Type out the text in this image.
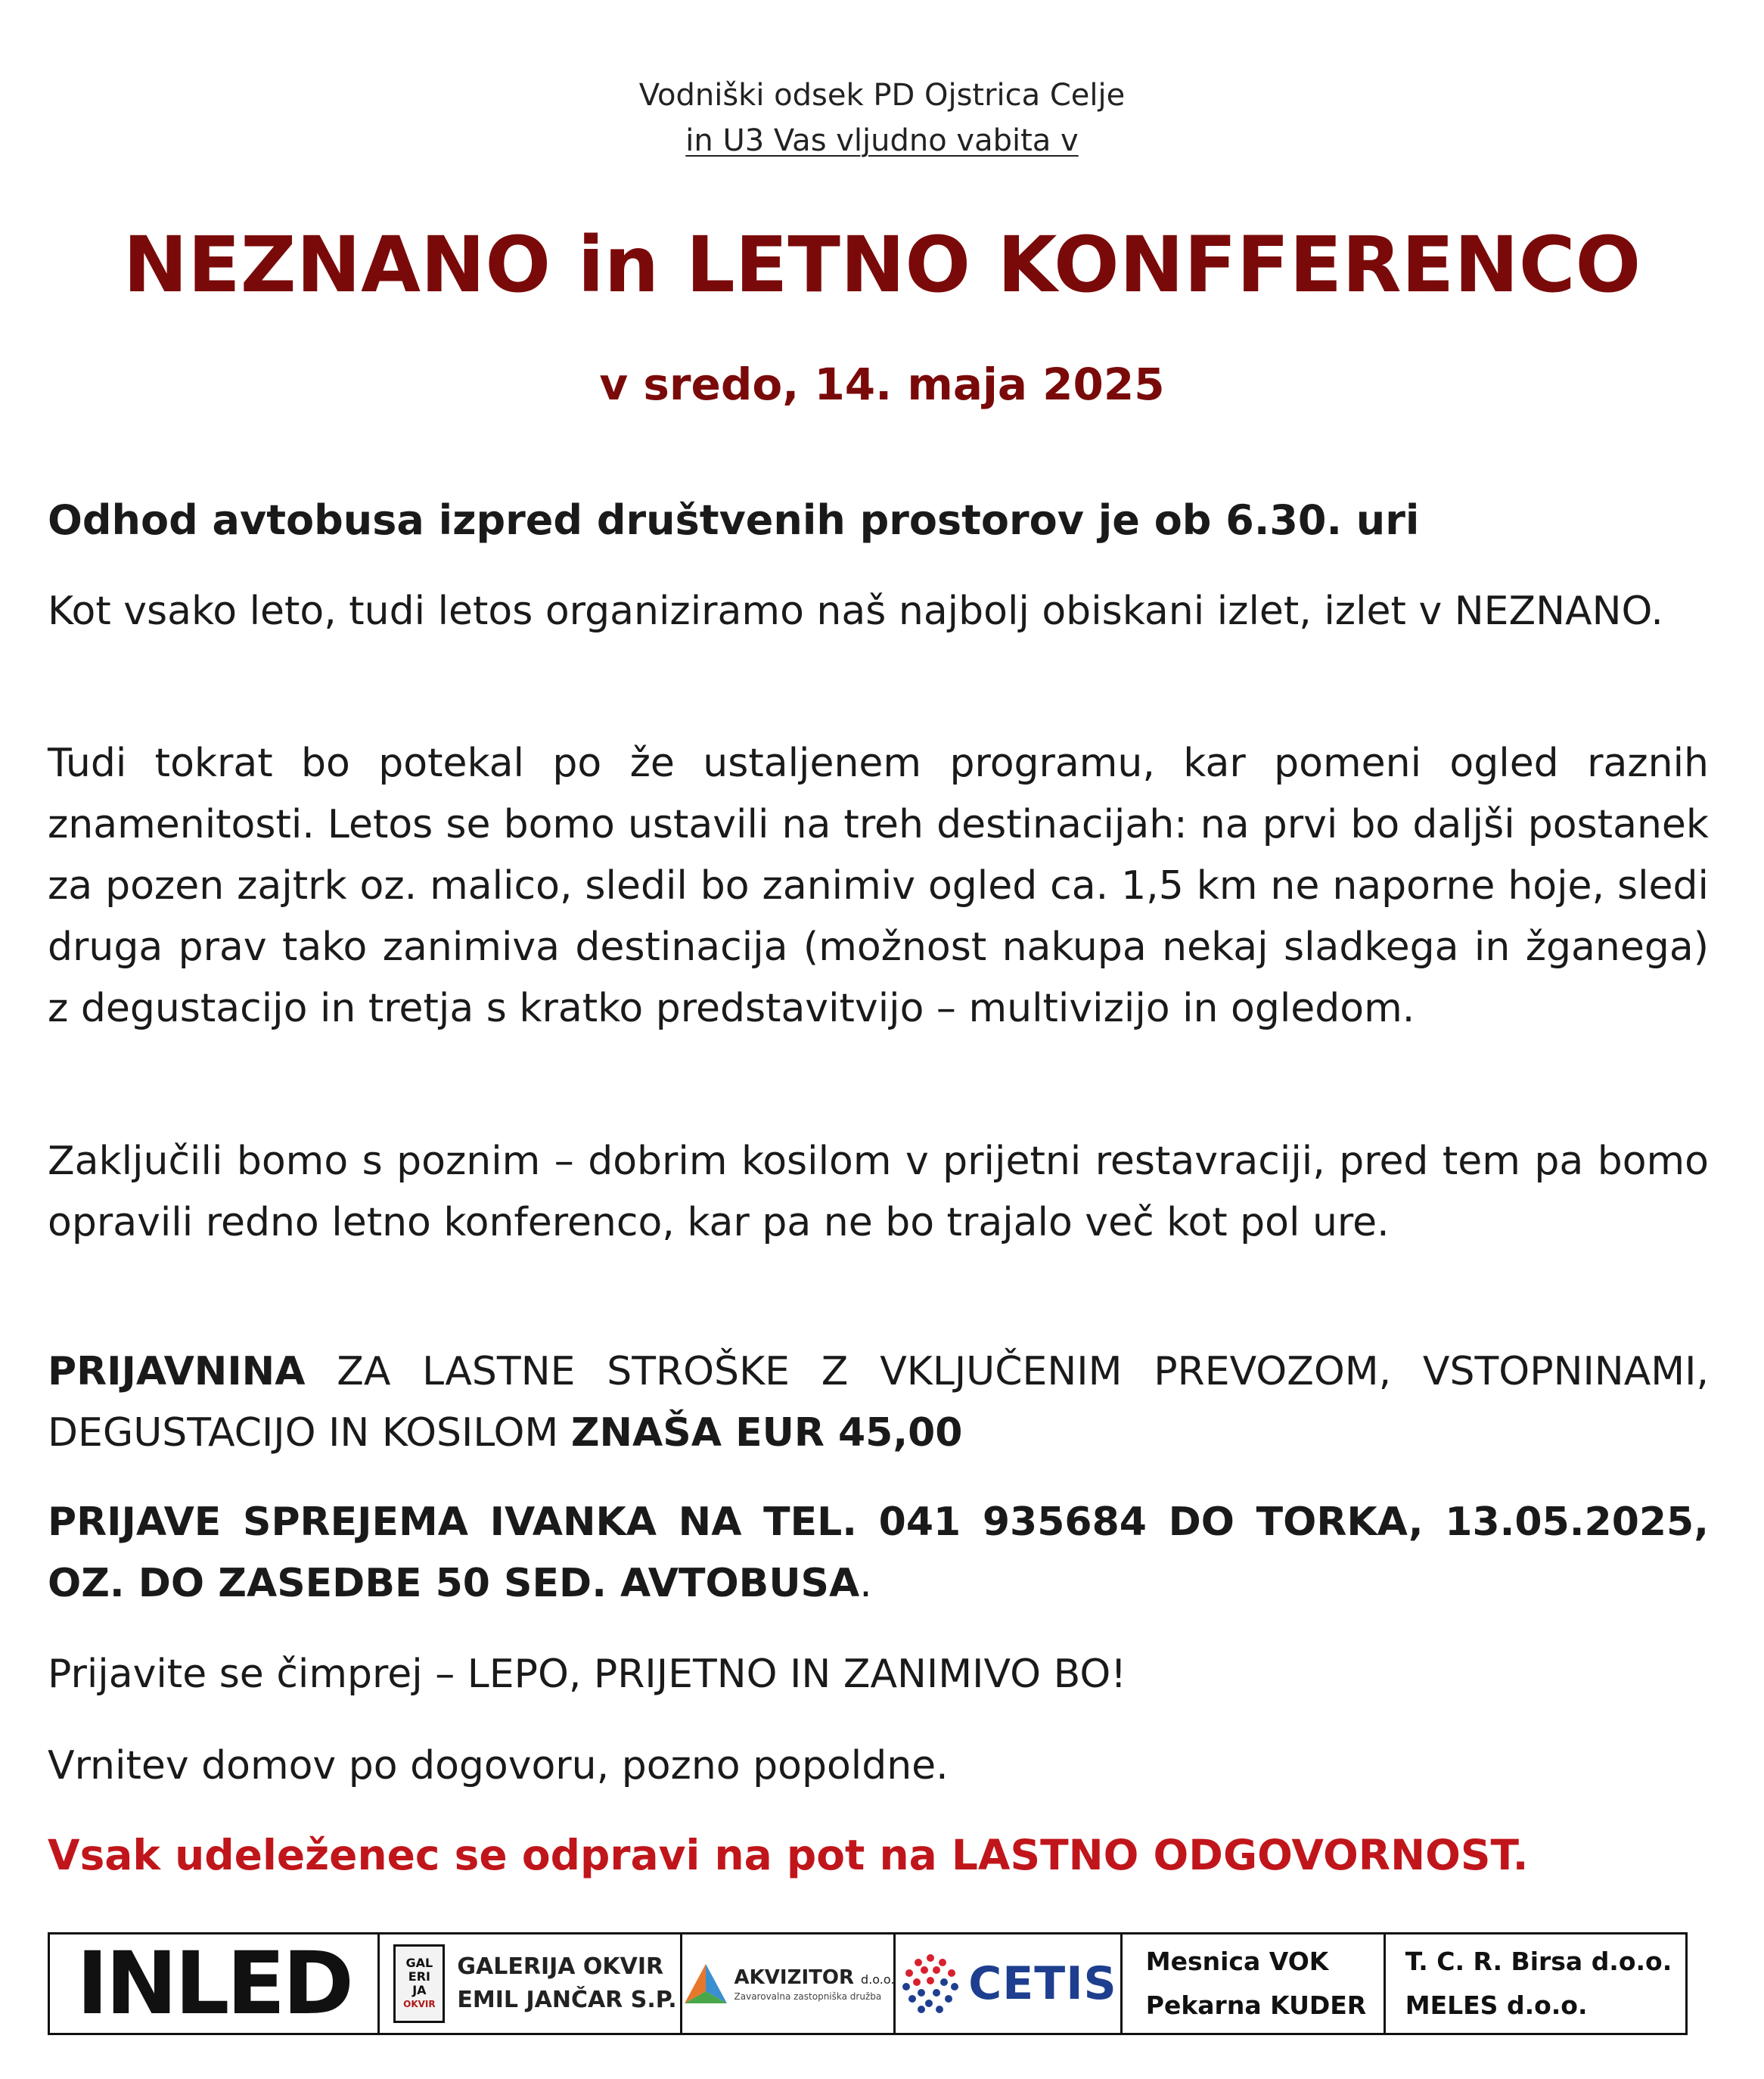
Vodniški odsek PD Ojstrica Celje
in U3 Vas vljudno vabita v
NEZNANO in LETNO KONFFERENCO
v sredo, 14. maja 2025
Odhod avtobusa izpred društvenih prostorov je ob 6.30. uri
Kot vsako leto, tudi letos organiziramo naš najbolj obiskani izlet, izlet v NEZNANO.
Tudi tokrat bo potekal po že ustaljenem programu, kar pomeni ogled raznih znamenitosti. Letos se bomo ustavili na treh destinacijah: na prvi bo daljši postanek za pozen zajtrk oz. malico, sledil bo zanimiv ogled ca. 1,5 km ne naporne hoje, sledi druga prav tako zanimiva destinacija (možnost nakupa nekaj sladkega in žganega) z degustacijo in tretja s kratko predstavitvijo – multivizijo in ogledom.
Zaključili bomo s poznim – dobrim kosilom v prijetni restavraciji, pred tem pa bomo opravili redno letno konferenco, kar pa ne bo trajalo več kot pol ure.
PRIJAVNINA ZA LASTNE STROŠKE Z VKLJUČENIM PREVOZOM, VSTOPNINAMI, DEGUSTACIJO IN KOSILOM ZNAŠA EUR 45,00
PRIJAVE SPREJEMA IVANKA NA TEL. 041 935684 DO TORKA, 13.05.2025, OZ. DO ZASEDBE 50 SED. AVTOBUSA.
Prijavite se čimprej – LEPO, PRIJETNO IN ZANIMIVO BO!
Vrnitev domov po dogovoru, pozno popoldne.
Vsak udeleženec se odpravi na pot na LASTNO ODGOVORNOST.
INLED	GAL
ERI
JA
OKVIR
GALERIJA OKVIR
EMIL JANČAR S.P.
AKVIZITOR d.o.o.
Zavarovalna zastopniška družba CETIS Mesnica VOK
Pekarna KUDER
T. C. R. Birsa d.o.o.
MELES d.o.o.
